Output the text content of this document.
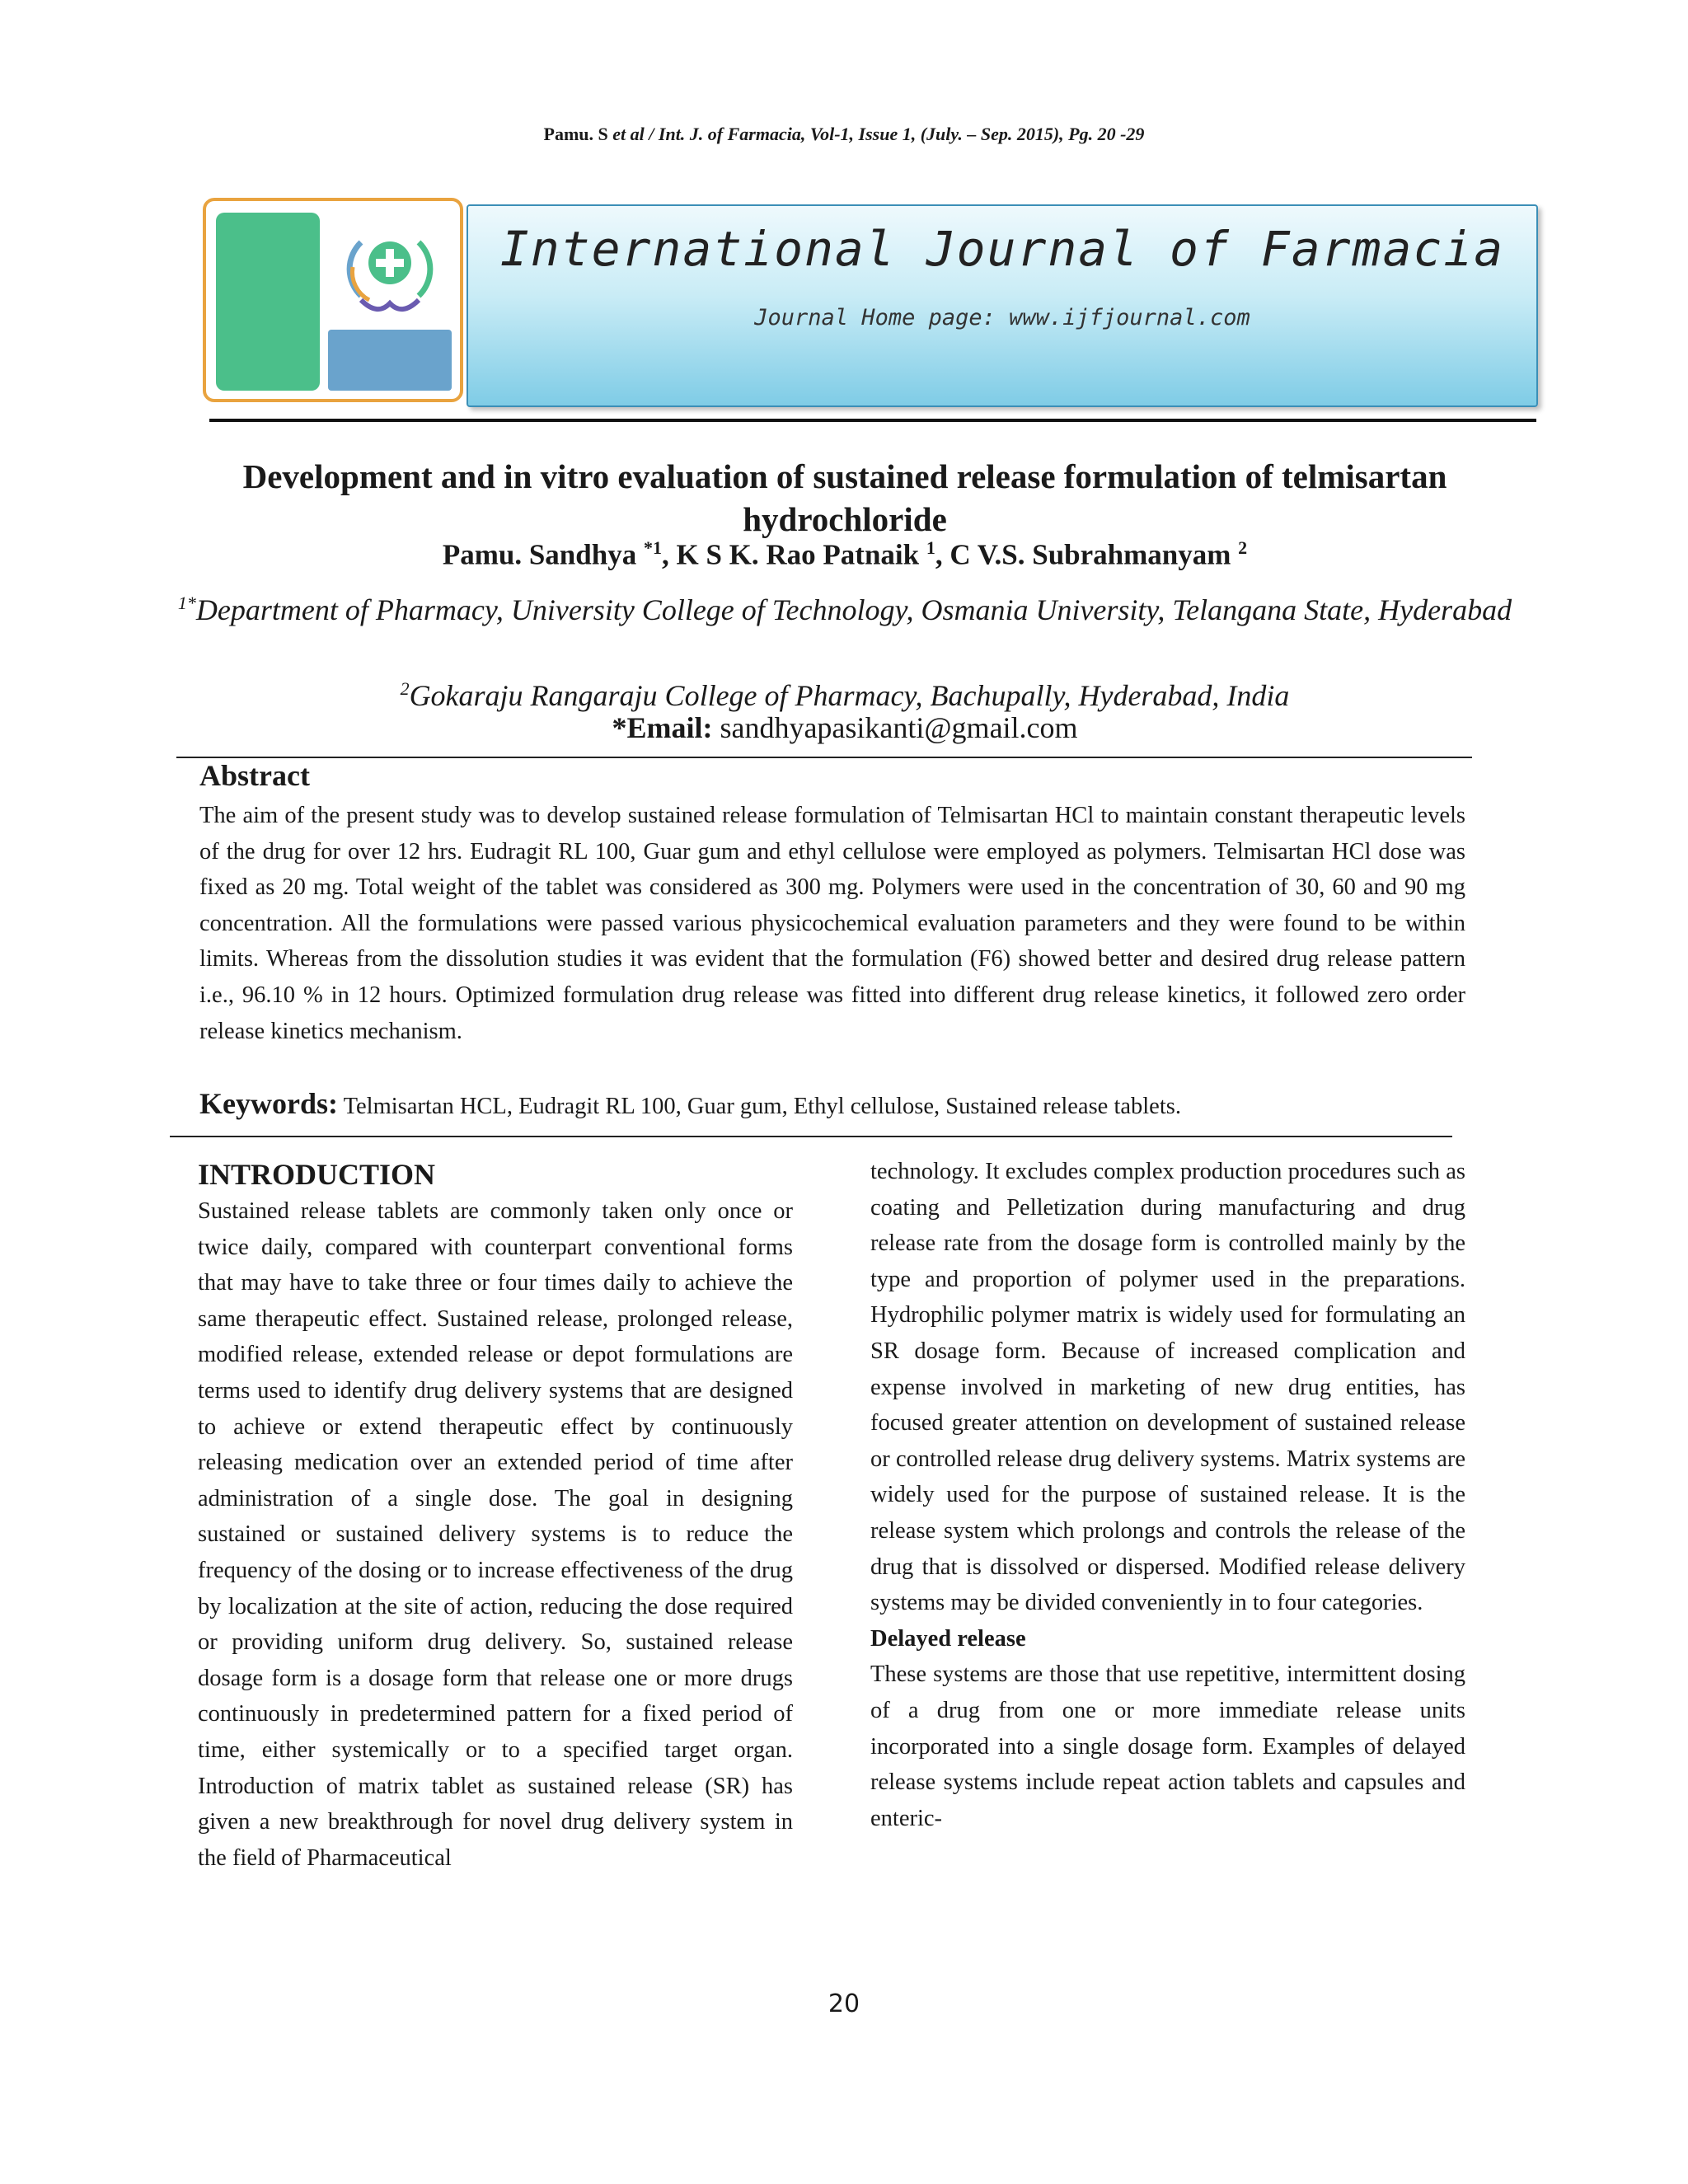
Pamu. S et al / Int. J. of Farmacia, Vol-1, Issue 1, (July. – Sep. 2015), Pg. 20 -29
International Journal of Farmacia
Journal Home page: www.ijfjournal.com
Development and in vitro evaluation of sustained release formulation of telmisartan hydrochloride
Pamu. Sandhya $^{*1}$, K S K. Rao Patnaik $^1$, C V.S. Subrahmanyam $^2$
$^{1*}$Department of Pharmacy, University College of Technology, Osmania University, Telangana State, Hyderabad
$^2$Gokaraju Rangaraju College of Pharmacy, Bachupally, Hyderabad, India
*Email: sandhyapasikanti@gmail.com
Abstract
The aim of the present study was to develop sustained release formulation of Telmisartan HCl to maintain constant therapeutic levels of the drug for over 12 hrs. Eudragit RL 100, Guar gum and ethyl cellulose were employed as polymers. Telmisartan HCl dose was fixed as 20 mg. Total weight of the tablet was considered as 300 mg. Polymers were used in the concentration of 30, 60 and 90 mg concentration. All the formulations were passed various physicochemical evaluation parameters and they were found to be within limits. Whereas from the dissolution studies it was evident that the formulation (F6) showed better and desired drug release pattern i.e., 96.10 % in 12 hours. Optimized formulation drug release was fitted into different drug release kinetics, it followed zero order release kinetics mechanism.
Keywords: Telmisartan HCL, Eudragit RL 100, Guar gum, Ethyl cellulose, Sustained release tablets.
INTRODUCTION
Sustained release tablets are commonly taken only once or twice daily, compared with counterpart conventional forms that may have to take three or four times daily to achieve the same therapeutic effect. Sustained release, prolonged release, modified release, extended release or depot formulations are terms used to identify drug delivery systems that are designed to achieve or extend therapeutic effect by continuously releasing medication over an extended period of time after administration of a single dose. The goal in designing sustained or sustained delivery systems is to reduce the frequency of the dosing or to increase effectiveness of the drug by localization at the site of action, reducing the dose required or providing uniform drug delivery. So, sustained release dosage form is a dosage form that release one or more drugs continuously in predetermined pattern for a fixed period of time, either systemically or to a specified target organ. Introduction of matrix tablet as sustained release (SR) has given a new breakthrough for novel drug delivery system in the field of Pharmaceutical
technology. It excludes complex production procedures such as coating and Pelletization during manufacturing and drug release rate from the dosage form is controlled mainly by the type and proportion of polymer used in the preparations. Hydrophilic polymer matrix is widely used for formulating an SR dosage form. Because of increased complication and expense involved in marketing of new drug entities, has focused greater attention on development of sustained release or controlled release drug delivery systems. Matrix systems are widely used for the purpose of sustained release. It is the release system which prolongs and controls the release of the drug that is dissolved or dispersed. Modified release delivery systems may be divided conveniently in to four categories.
Delayed release
These systems are those that use repetitive, intermittent dosing of a drug from one or more immediate release units incorporated into a single dosage form. Examples of delayed release systems include repeat action tablets and capsules and enteric-
20
